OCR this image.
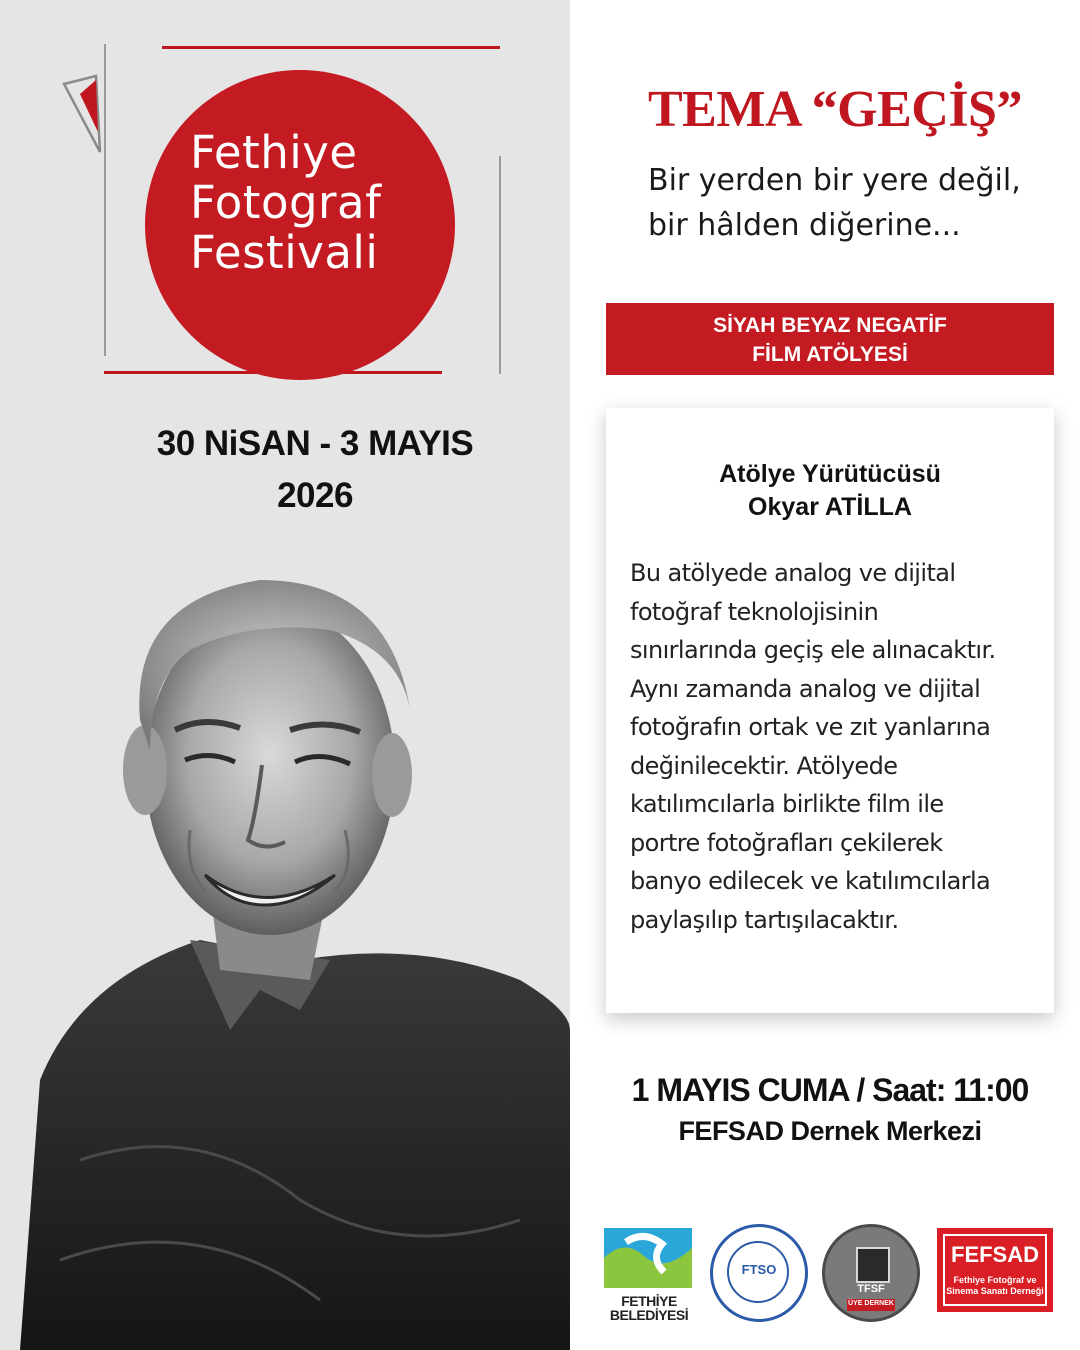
Fethiye
Fotograf
Festivali
30 NiSAN - 3 MAYIS
2026
TEMA “GEÇİŞ”
Bir yerden bir yere değil,
bir hâlden diğerine...
SİYAH BEYAZ NEGATİF
FİLM ATÖLYESİ
Atölye Yürütücüsü
Okyar ATİLLA
Bu atölyede analog ve dijital
fotoğraf teknolojisinin
sınırlarında geçiş ele alınacaktır.
Aynı zamanda analog ve dijital
fotoğrafın ortak ve zıt yanlarına
değinilecektir. Atölyede
katılımcılarla birlikte film ile
portre fotoğrafları çekilerek
banyo edilecek ve katılımcılarla
paylaşılıp tartışılacaktır.
1 MAYIS CUMA / Saat: 11:00
FEFSAD Dernek Merkezi
FETHİYE
BELEDİYESİ
FTSO
TFSF
ÜYE DERNEK
FEFSAD
Fethiye Fotoğraf ve
Sinema Sanatı Derneği
